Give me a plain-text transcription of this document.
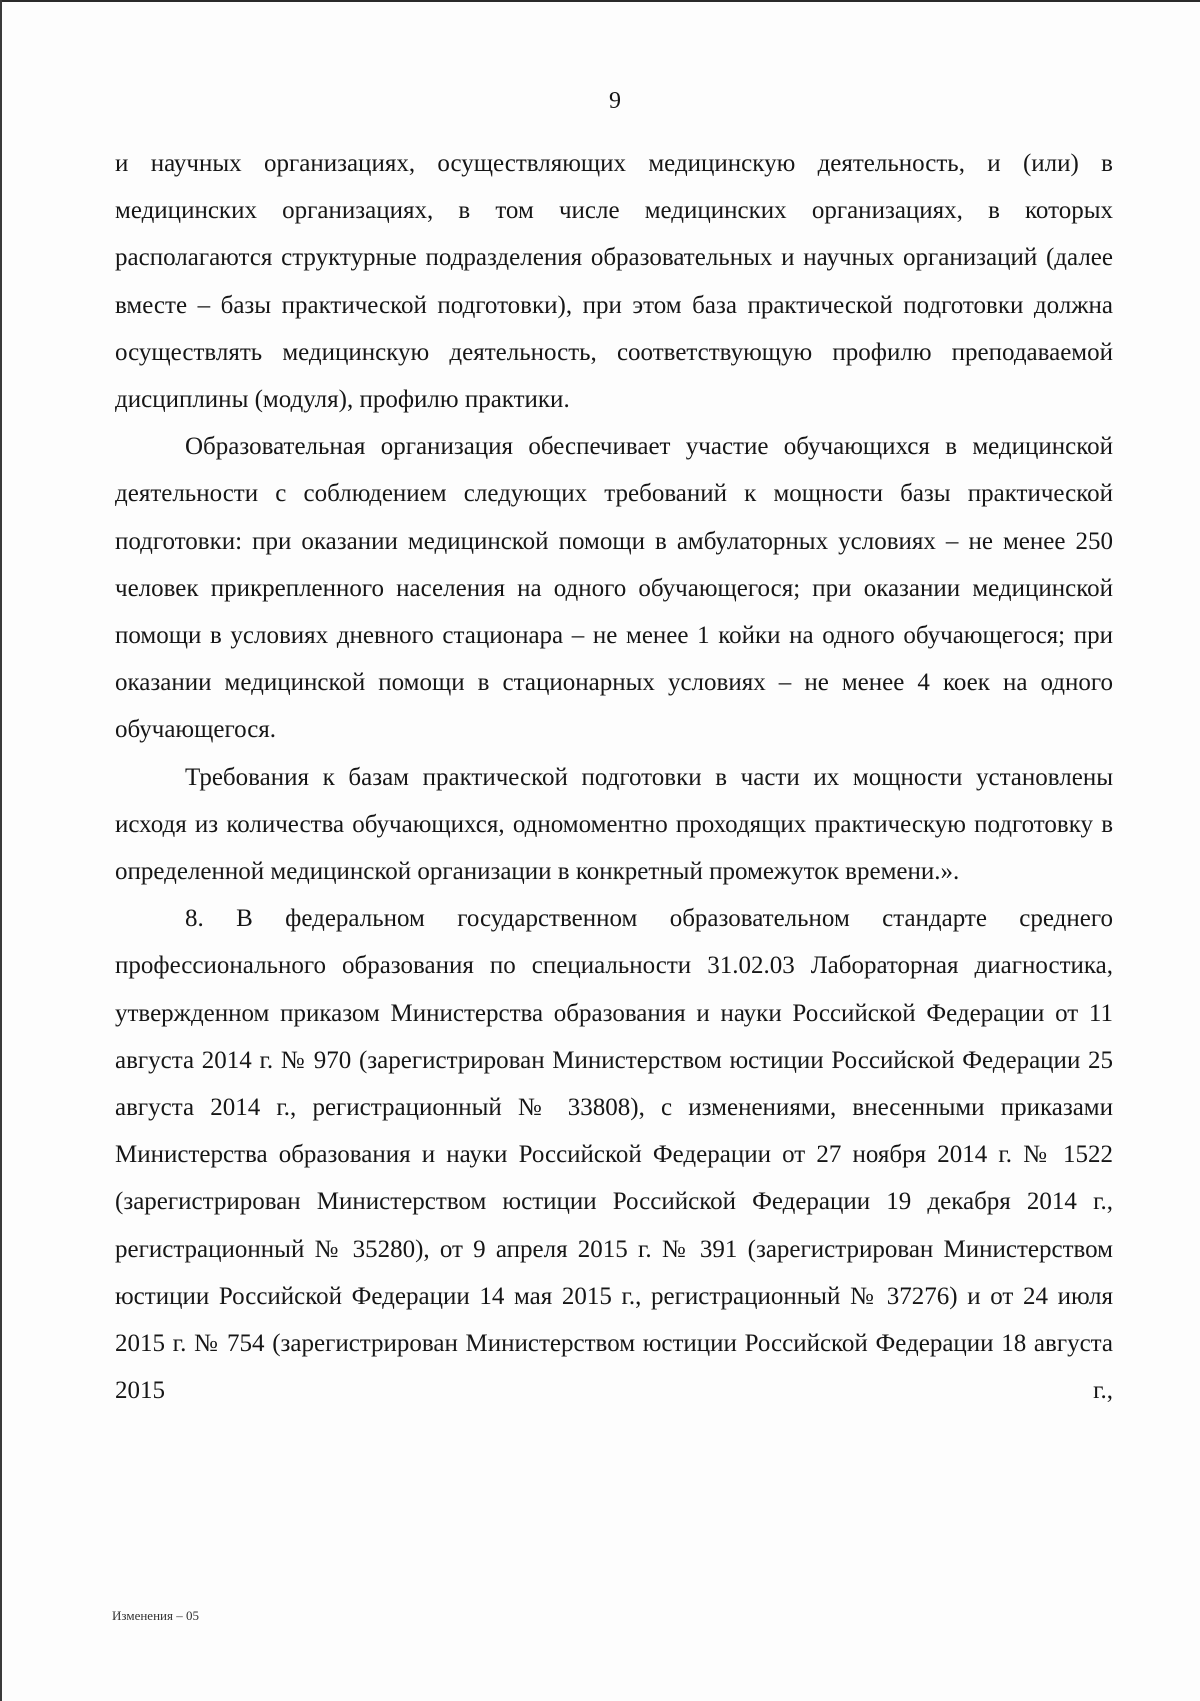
9

и научных организациях, осуществляющих медицинскую деятельность, и (или) в медицинских организациях, в том числе медицинских организациях, в которых располагаются структурные подразделения образовательных и научных организаций (далее вместе – базы практической подготовки), при этом база практической подготовки должна осуществлять медицинскую деятельность, соответствующую профилю преподаваемой дисциплины (модуля), профилю практики.

Образовательная организация обеспечивает участие обучающихся в медицинской деятельности с соблюдением следующих требований к мощности базы практической подготовки: при оказании медицинской помощи в амбулаторных условиях – не менее 250 человек прикрепленного населения на одного обучающегося; при оказании медицинской помощи в условиях дневного стационара – не менее 1 койки на одного обучающегося; при оказании медицинской помощи в стационарных условиях – не менее 4 коек на одного обучающегося.

Требования к базам практической подготовки в части их мощности установлены исходя из количества обучающихся, одномоментно проходящих практическую подготовку в определенной медицинской организации в конкретный промежуток времени.».

8. В федеральном государственном образовательном стандарте среднего профессионального образования по специальности 31.02.03 Лабораторная диагностика, утвержденном приказом Министерства образования и науки Российской Федерации от 11 августа 2014 г. № 970 (зарегистрирован Министерством юстиции Российской Федерации 25 августа 2014 г., регистрационный № 33808), с изменениями, внесенными приказами Министерства образования и науки Российской Федерации от 27 ноября 2014 г. № 1522 (зарегистрирован Министерством юстиции Российской Федерации 19 декабря 2014 г., регистрационный № 35280), от 9 апреля 2015 г. № 391 (зарегистрирован Министерством юстиции Российской Федерации 14 мая 2015 г., регистрационный № 37276) и от 24 июля 2015 г. № 754 (зарегистрирован Министерством юстиции Российской Федерации 18 августа 2015 г.,

Изменения – 05
